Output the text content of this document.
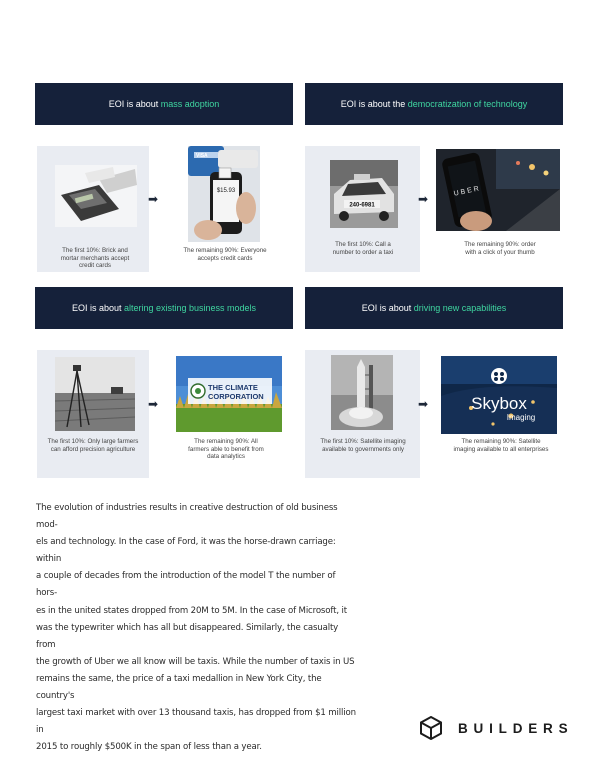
EOI is about mass adoption	EOI is about the democratization of technology
EOI is about altering existing business models	EOI is about driving new capabilities
The first 10%: Brick and mortar merchants accept credit cards
➡
$15.93
VISA
The remaining 90%: Everyone accepts credit cards
240-6981
The first 10%: Call a number to order a taxi
➡
UBER
The remaining 90%: order with a click of your thumb
The first 10%: Only large farmers can afford precision agriculture
➡
THE CLIMATE
CORPORATION
The remaining 90%: All farmers able to benefit from data analytics
The first 10%: Satellite imaging available to governments only
➡	Skybox
Imaging
The remaining 90%: Satellite imaging available to all enterprises

The evolution of industries results in creative destruction of old business mod-

els and technology. In the case of Ford, it was the horse-drawn carriage: within

a couple of decades from the introduction of the model T the number of hors-

es in the united states dropped from 20M to 5M. In the case of Microsoft, it

was the typewriter which has all but disappeared. Similarly, the casualty from

the growth of Uber we all know will be taxis. While the number of taxis in US

remains the same, the price of a taxi medallion in New York City, the country's

largest taxi market with over 13 thousand taxis, has dropped from $1 million in

2015 to roughly $500K in the span of less than a year.

BUILDERS
